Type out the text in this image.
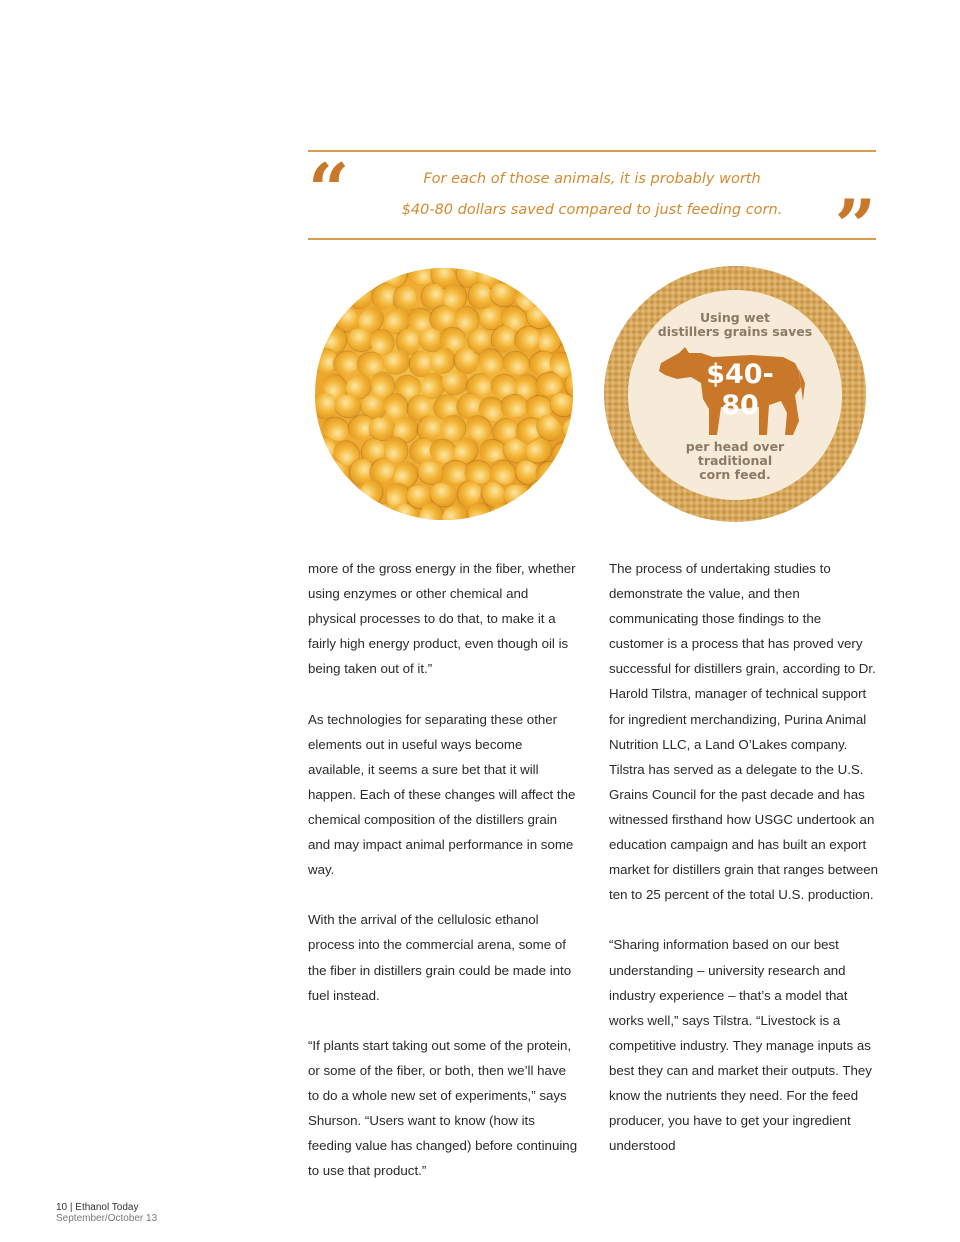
“	For each of those animals, it is probably worth
$40-80 dollars saved compared to just feeding corn. ”
Using wet
distillers grains saves
$40-80
per head over
traditional
corn feed.

more of the gross energy in the fiber, whether using enzymes or other chemical and physical processes to do that, to make it a fairly high energy product, even though oil is being taken out of it.”

As technologies for separating these other elements out in useful ways become available, it seems a sure bet that it will happen. Each of these changes will affect the chemical composition of the distillers grain and may impact animal performance in some way.

With the arrival of the cellulosic ethanol process into the commercial arena, some of the fiber in distillers grain could be made into fuel instead.

“If plants start taking out some of the protein, or some of the fiber, or both, then we’ll have to do a whole new set of experiments,” says Shurson. “Users want to know (how its feeding value has changed) before continuing to use that product.”

The process of undertaking studies to demonstrate the value, and then communicating those findings to the customer is a process that has proved very successful for distillers grain, according to Dr. Harold Tilstra, manager of technical support for ingredient merchandizing, Purina Animal Nutrition LLC, a Land O’Lakes company. Tilstra has served as a delegate to the U.S. Grains Council for the past decade and has witnessed firsthand how USGC undertook an education campaign and has built an export market for distillers grain that ranges between ten to 25 percent of the total U.S. production.

“Sharing information based on our best understanding – university research and industry experience – that’s a model that works well,” says Tilstra. “Livestock is a competitive industry. They manage inputs as best they can and market their outputs. They know the nutrients they need. For the feed producer, you have to get your ingredient understood

10 | Ethanol Today
September/October 13
